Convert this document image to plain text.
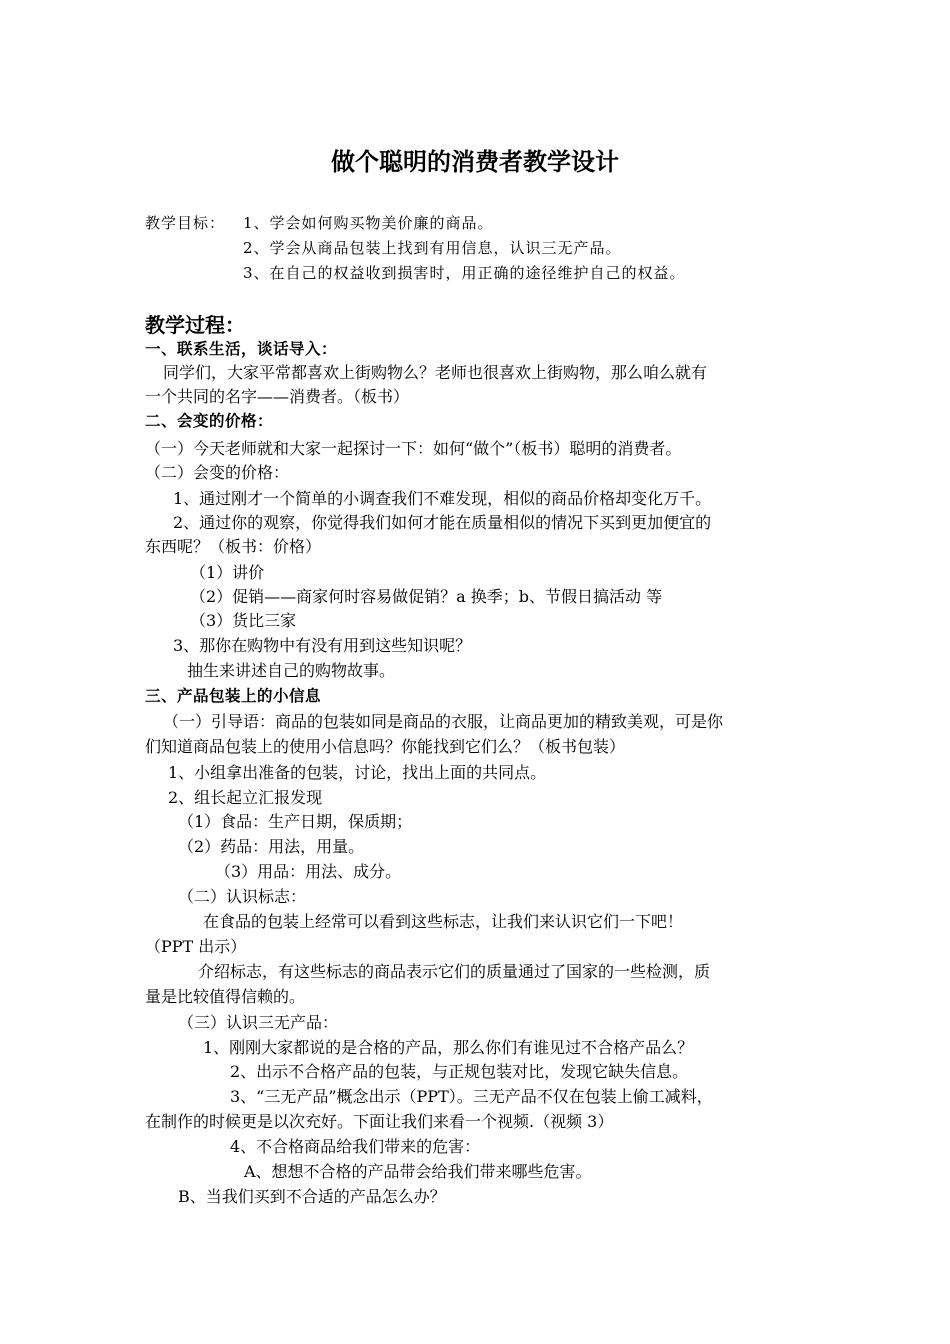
做个聪明的消费者教学设计
教学目标： 1、学会如何购买物美价廉的商品。
2、学会从商品包装上找到有用信息，认识三无产品。
3、在自己的权益收到损害时，用正确的途径维护自己的权益。
教学过程：
一、联系生活，谈话导入：
同学们，大家平常都喜欢上街购物么？老师也很喜欢上街购物，那么咱么就有
一个共同的名字——消费者。（板书）
二、会变的价格：
（一）今天老师就和大家一起探讨一下：如何“做个”（板书）聪明的消费者。
（二）会变的价格：
1、通过刚才一个简单的小调查我们不难发现，相似的商品价格却变化万千。
2、通过你的观察，你觉得我们如何才能在质量相似的情况下买到更加便宜的
东西呢？（板书：价格）
（1）讲价
（2）促销——商家何时容易做促销？a 换季；b、节假日搞活动 等
（3）货比三家
3、那你在购物中有没有用到这些知识呢？
抽生来讲述自己的购物故事。
三、产品包装上的小信息
（一）引导语：商品的包装如同是商品的衣服，让商品更加的精致美观，可是你
们知道商品包装上的使用小信息吗？你能找到它们么？（板书包装）
1、小组拿出准备的包装，讨论，找出上面的共同点。
2、组长起立汇报发现
（1）食品：生产日期，保质期；
（2）药品：用法，用量。
（3）用品：用法、成分。
（二）认识标志：
在食品的包装上经常可以看到这些标志，让我们来认识它们一下吧！
（PPT 出示）
介绍标志，有这些标志的商品表示它们的质量通过了国家的一些检测，质
量是比较值得信赖的。
（三）认识三无产品：
1、刚刚大家都说的是合格的产品，那么你们有谁见过不合格产品么？
2、出示不合格产品的包装，与正规包装对比，发现它缺失信息。
3、“三无产品”概念出示（PPT）。三无产品不仅在包装上偷工减料，
在制作的时候更是以次充好。下面让我们来看一个视频.（视频 3）
4、不合格商品给我们带来的危害：
A、想想不合格的产品带会给我们带来哪些危害。
B、当我们买到不合适的产品怎么办？
